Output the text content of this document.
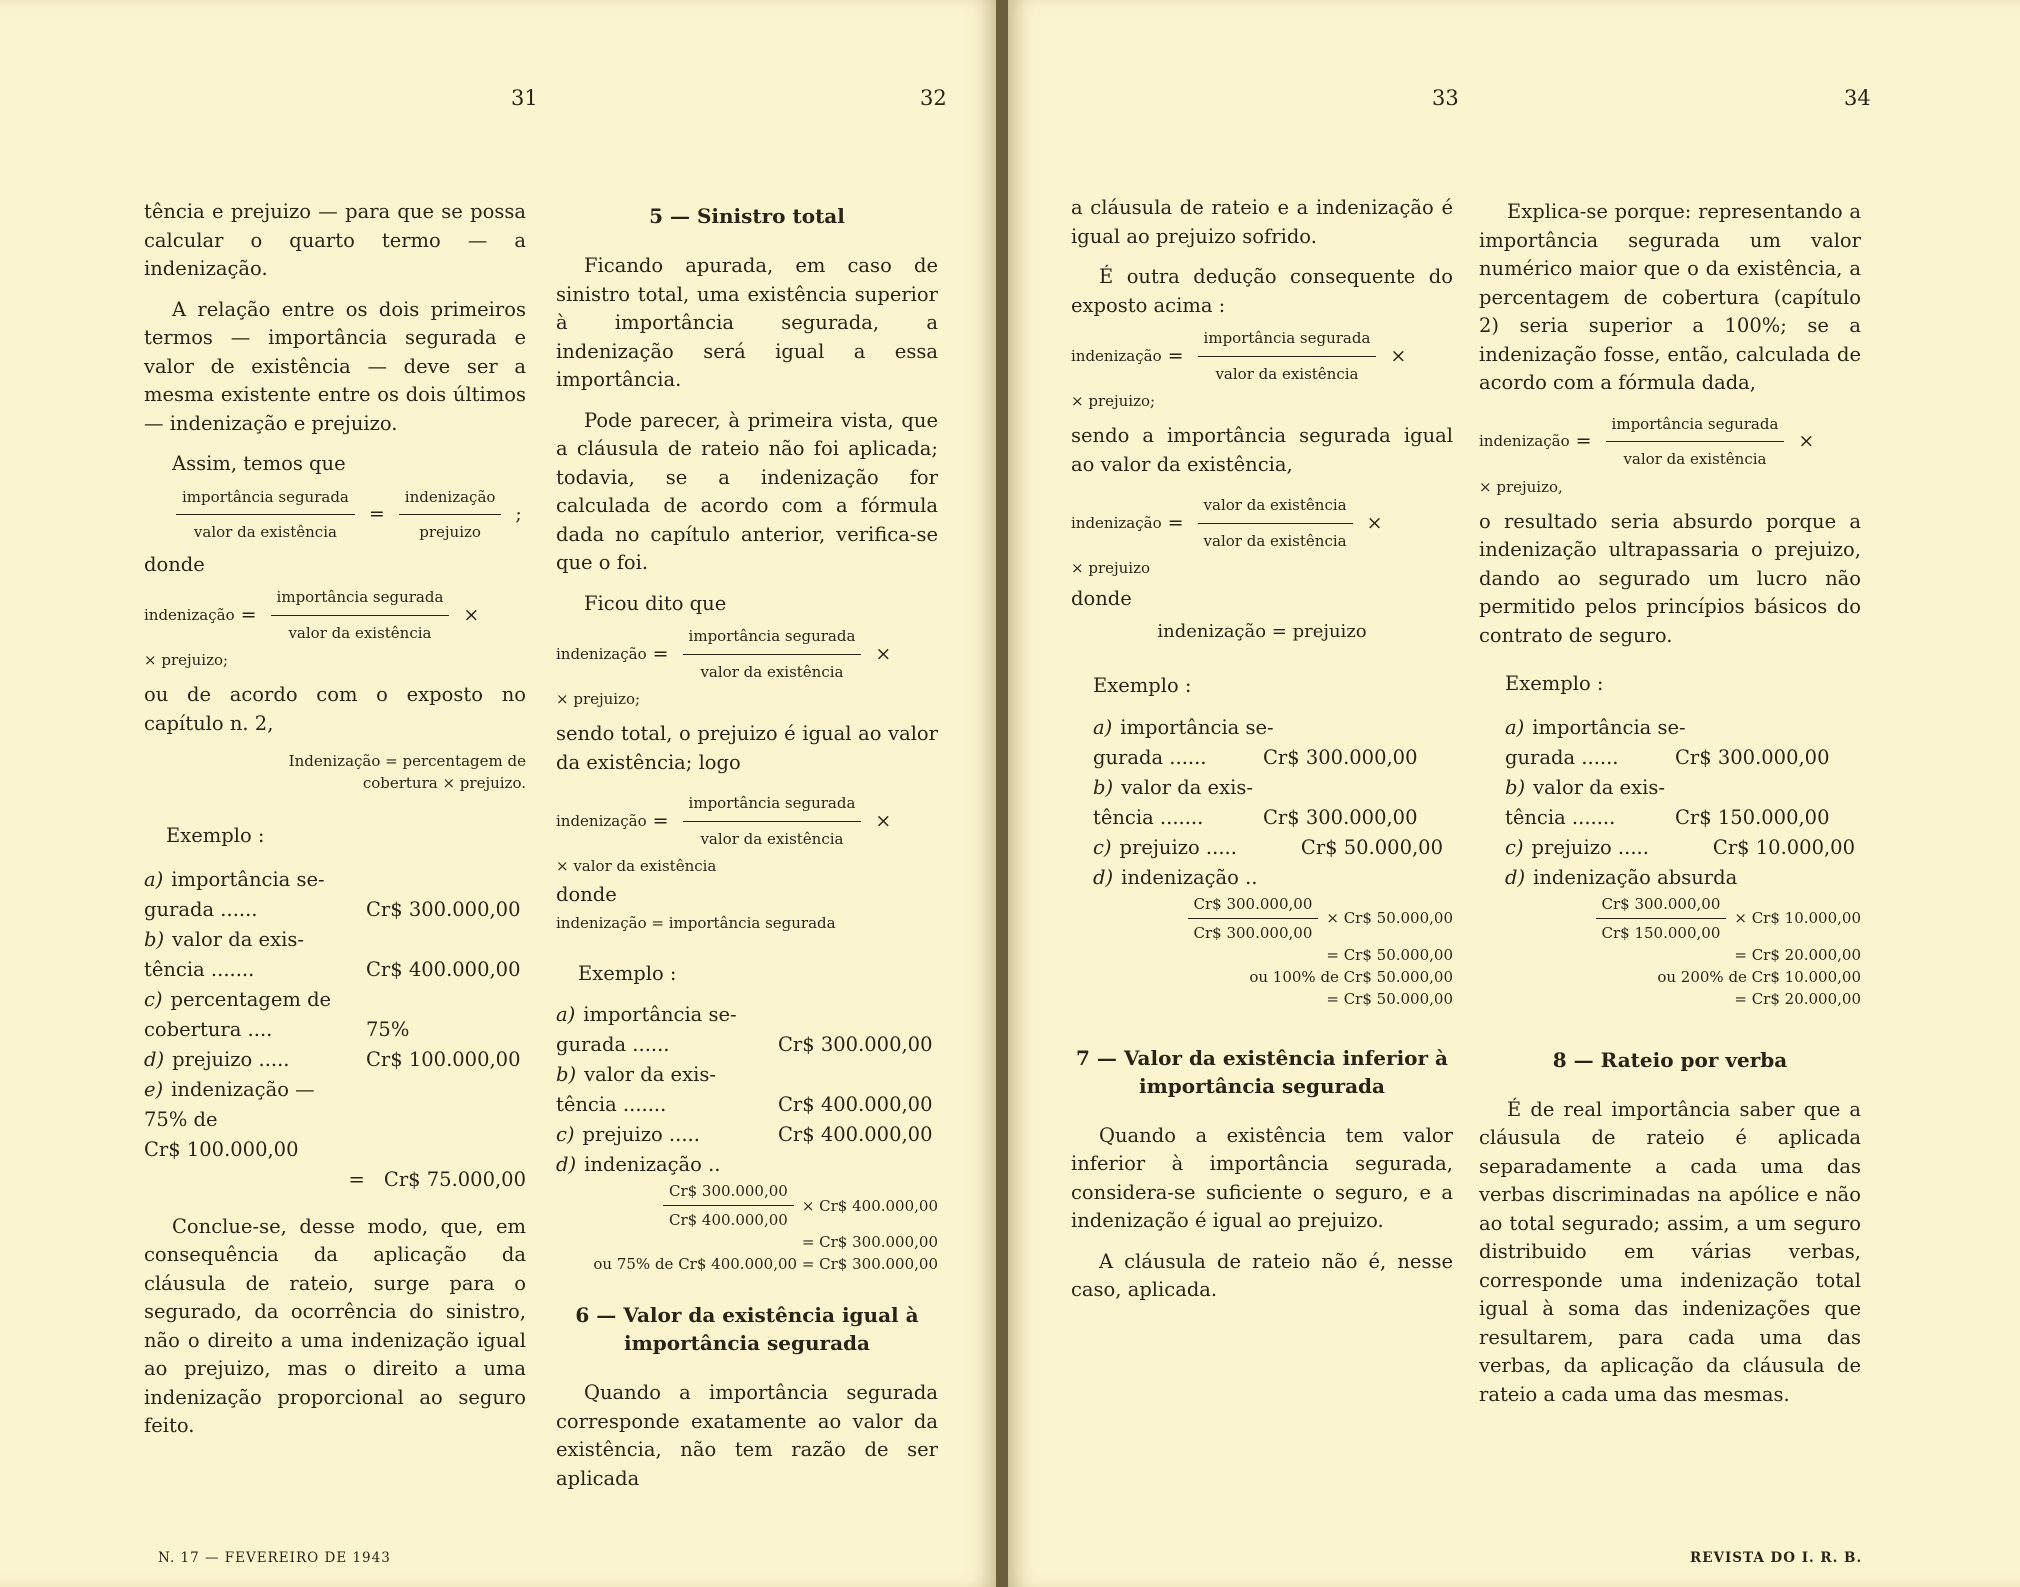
31	32	33	34

tência e prejuizo — para que se possa calcular o quarto termo — a indenização.

A relação entre os dois primeiros termos — importância segurada e valor de existência — deve ser a mesma existente entre os dois últimos — indenização e prejuizo.

Assim, temos que

$\frac{\text{importância segurada}}{\text{valor da existência}} = \frac{\text{indenização}}{\text{prejuizo}}$ ;

donde

indenização = $\frac{\text{importância segurada}}{\text{valor da existência}}$ ×
× prejuizo;

ou de acordo com o exposto no capítulo n. 2,

Indenização = percentagem de cobertura × prejuizo.

Exemplo :

a) importância se-
gurada ......	Cr$ 300.000,00
b) valor da exis-
tência .......	Cr$ 400.000,00
c) percentagem de
cobertura ....	75%
d) prejuizo .....	Cr$ 100.000,00
e) indenização —
75% de
Cr$ 100.000,00
= Cr$ 75.000,00

Conclue-se, desse modo, que, em consequência da aplicação da cláusula de rateio, surge para o segurado, da ocorrência do sinistro, não o direito a uma indenização igual ao prejuizo, mas o direito a uma indenização proporcional ao seguro feito.

5 — Sinistro total

Ficando apurada, em caso de sinistro total, uma existência superior à importância segurada, a indenização será igual a essa importância.

Pode parecer, à primeira vista, que a cláusula de rateio não foi aplicada; todavia, se a indenização for calculada de acordo com a fórmula dada no capítulo anterior, verifica-se que o foi.

Ficou dito que

indenização = $\frac{\text{importância segurada}}{\text{valor da existência}}$ ×
× prejuizo;

sendo total, o prejuizo é igual ao valor da existência; logo

indenização = $\frac{\text{importância segurada}}{\text{valor da existência}}$ ×
× valor da existência

donde

indenização = importância segurada

Exemplo :

a) importância se-
gurada ......	Cr$ 300.000,00
b) valor da exis-
tência .......	Cr$ 400.000,00
c) prejuizo .....	Cr$ 400.000,00
d) indenização ..
$\frac{Cr\$ 300.000,00}{Cr\$ 400.000,00}$ × Cr$ 400.000,00
= Cr$ 300.000,00
ou 75% de Cr$ 400.000,00 = Cr$ 300.000,00
6 — Valor da existência igual à importância segurada

Quando a importância segurada corresponde exatamente ao valor da existência, não tem razão de ser aplicada

a cláusula de rateio e a indenização é igual ao prejuizo sofrido.

É outra dedução consequente do exposto acima :

indenização = $\frac{\text{importância segurada}}{\text{valor da existência}}$ ×
× prejuizo;

sendo a importância segurada igual ao valor da existência,

indenização = $\frac{\text{valor da existência}}{\text{valor da existência}}$ ×
× prejuizo

donde

indenização = prejuizo

Exemplo :

a) importância se-
gurada ......	Cr$ 300.000,00
b) valor da exis-
tência .......	Cr$ 300.000,00
c) prejuizo .....	Cr$ 50.000,00
d) indenização ..
$\frac{Cr\$ 300.000,00}{Cr\$ 300.000,00}$ × Cr$ 50.000,00
= Cr$ 50.000,00
ou 100% de Cr$ 50.000,00
= Cr$ 50.000,00
7 — Valor da existência inferior à importância segurada

Quando a existência tem valor inferior à importância segurada, considera-se suficiente o seguro, e a indenização é igual ao prejuizo.

A cláusula de rateio não é, nesse caso, aplicada.

Explica-se porque: representando a importância segurada um valor numérico maior que o da existência, a percentagem de cobertura (capítulo 2) seria superior a 100%; se a indenização fosse, então, calculada de acordo com a fórmula dada,

indenização = $\frac{\text{importância segurada}}{\text{valor da existência}}$ ×
× prejuizo,

o resultado seria absurdo porque a indenização ultrapassaria o prejuizo, dando ao segurado um lucro não permitido pelos princípios básicos do contrato de seguro.

Exemplo :

a) importância se-
gurada ......	Cr$ 300.000,00
b) valor da exis-
tência .......	Cr$ 150.000,00
c) prejuizo .....	Cr$ 10.000,00
d) indenização absurda
$\frac{Cr\$ 300.000,00}{Cr\$ 150.000,00}$ × Cr$ 10.000,00
= Cr$ 20.000,00
ou 200% de Cr$ 10.000,00
= Cr$ 20.000,00
8 — Rateio por verba

É de real importância saber que a cláusula de rateio é aplicada separadamente a cada uma das verbas discriminadas na apólice e não ao total segurado; assim, a um seguro distribuido em várias verbas, corresponde uma indenização total igual à soma das indenizações que resultarem, para cada uma das verbas, da aplicação da cláusula de rateio a cada uma das mesmas.

N. 17 — FEVEREIRO DE 1943	REVISTA DO I. R. B.
